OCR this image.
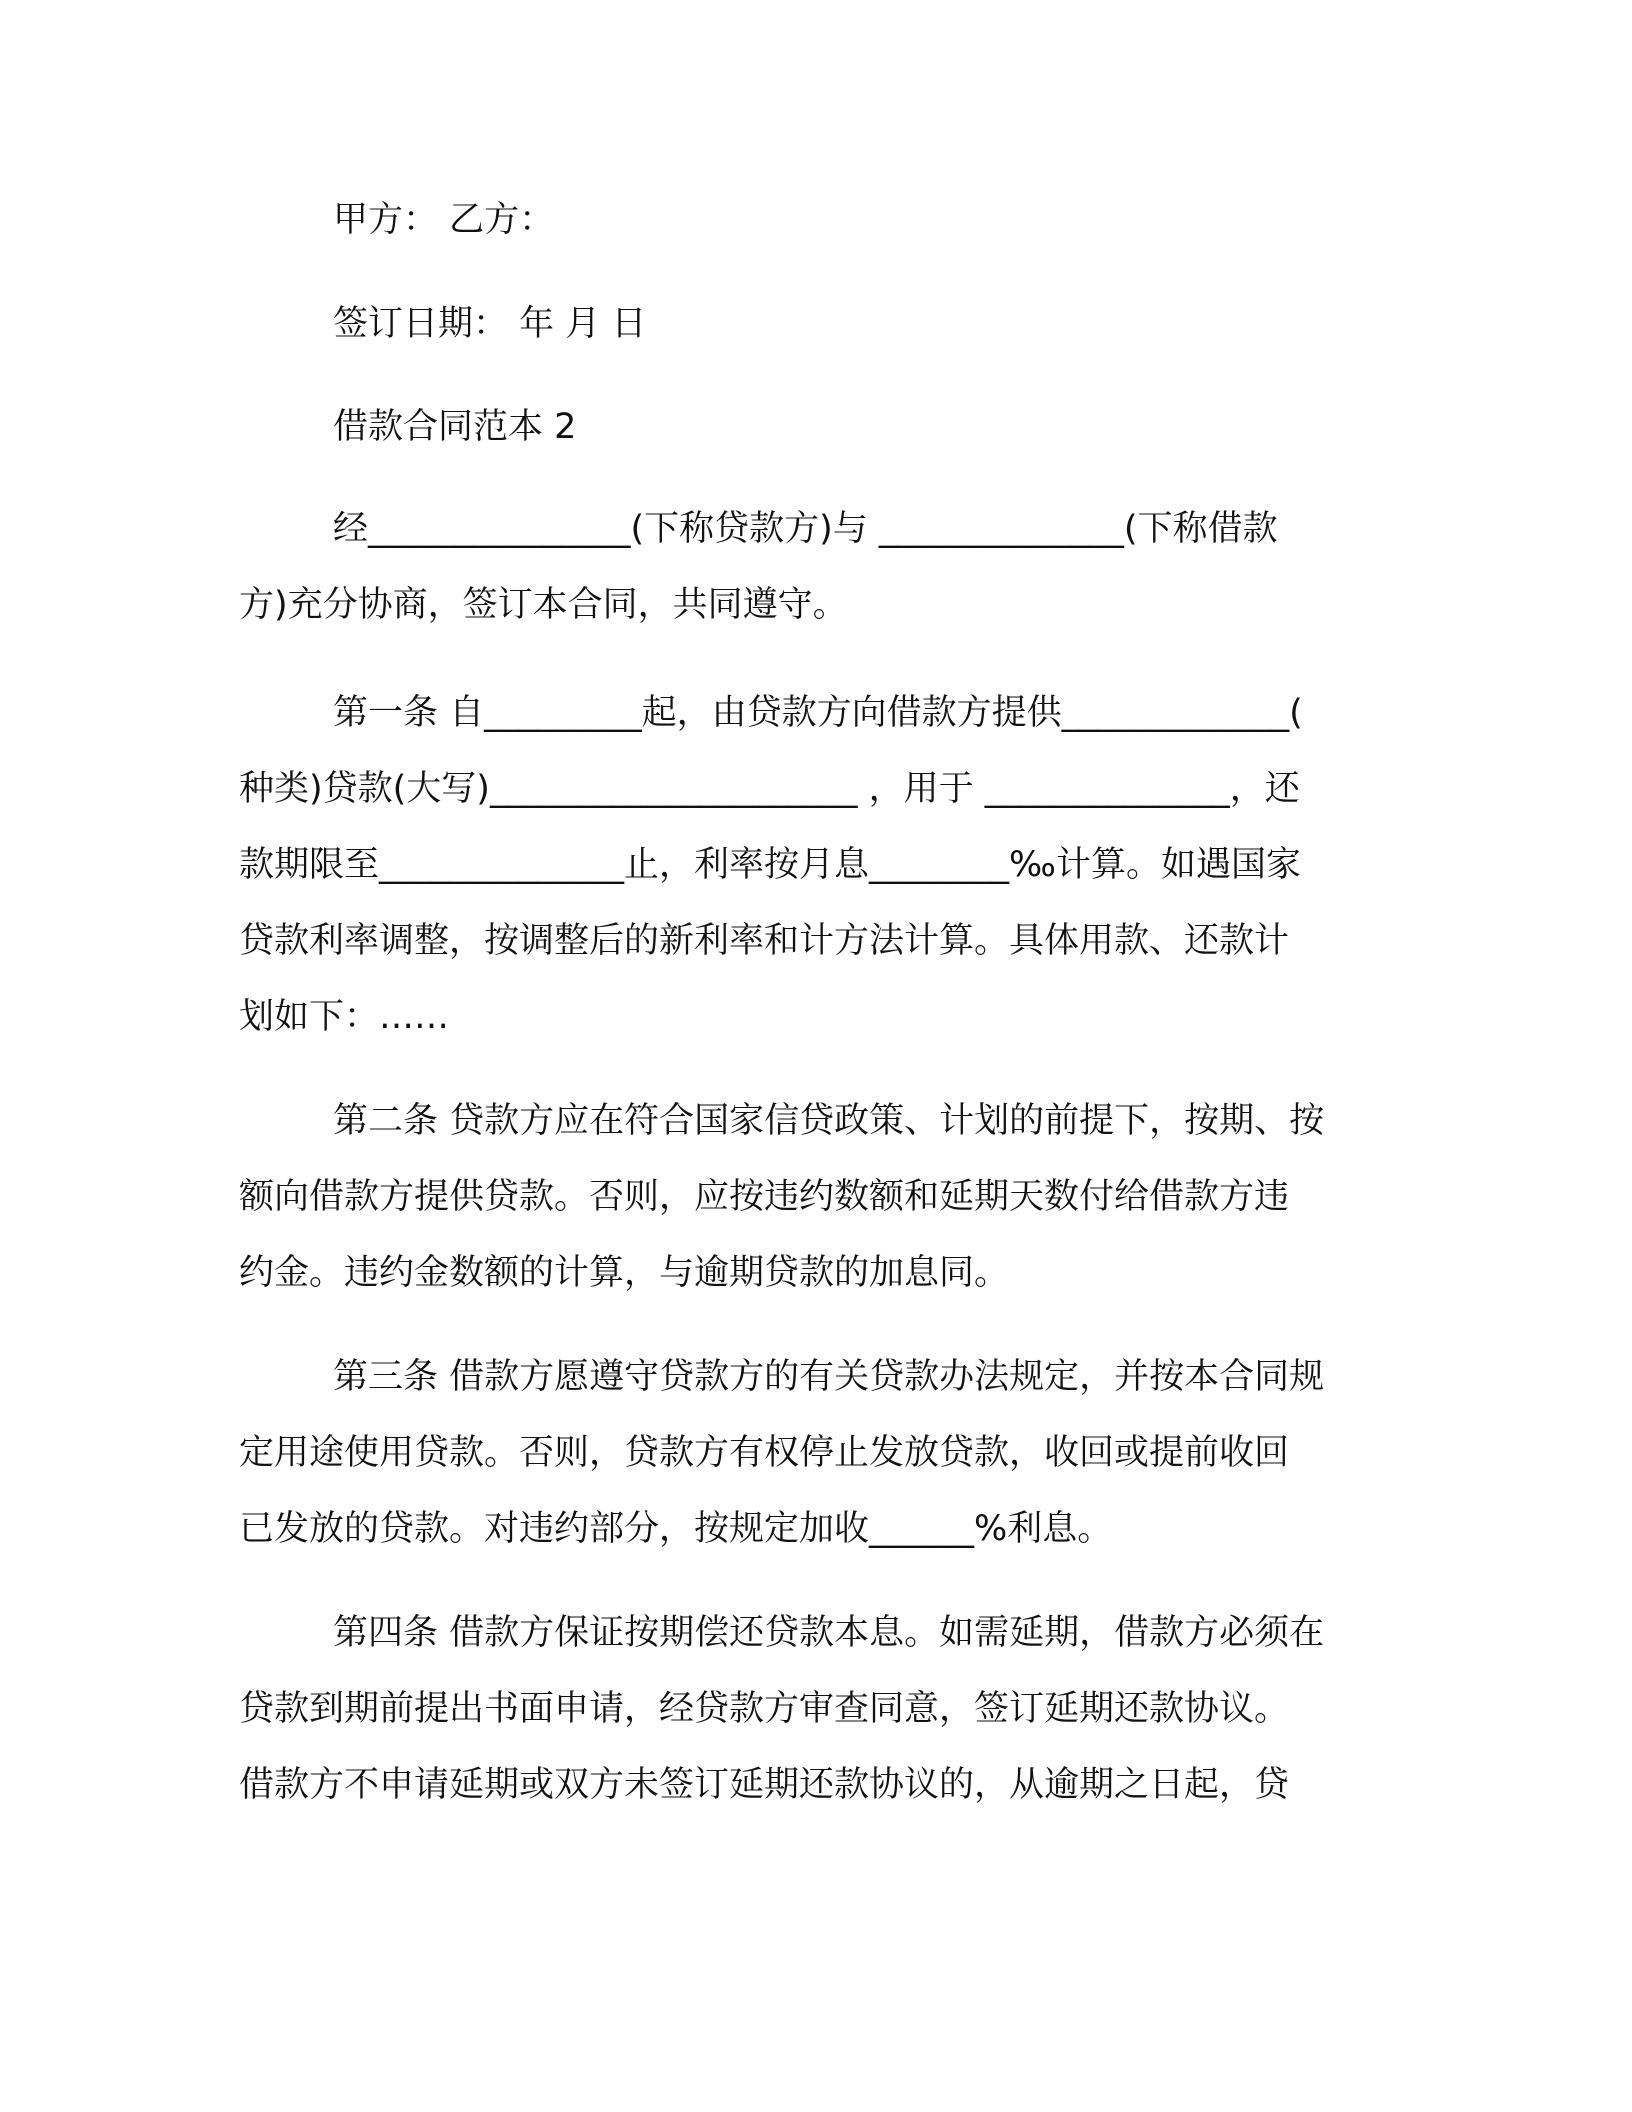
甲方： 乙方：
签订日期： 年 月 日
借款合同范本 2
经_______________(下称贷款方)与 ______________(下称借款
方)充分协商，签订本合同，共同遵守。
第一条 自_________起，由贷款方向借款方提供_____________(
种类)贷款(大写)_____________________ ，用于 ______________，还
款期限至______________止，利率按月息________‰计算。如遇国家
贷款利率调整，按调整后的新利率和计方法计算。具体用款、还款计
划如下：……
第二条 贷款方应在符合国家信贷政策、计划的前提下，按期、按
额向借款方提供贷款。否则，应按违约数额和延期天数付给借款方违
约金。违约金数额的计算，与逾期贷款的加息同。
第三条 借款方愿遵守贷款方的有关贷款办法规定，并按本合同规
定用途使用贷款。否则，贷款方有权停止发放贷款，收回或提前收回
已发放的贷款。对违约部分，按规定加收______%利息。
第四条 借款方保证按期偿还贷款本息。如需延期，借款方必须在
贷款到期前提出书面申请，经贷款方审查同意，签订延期还款协议。
借款方不申请延期或双方未签订延期还款协议的，从逾期之日起，贷
